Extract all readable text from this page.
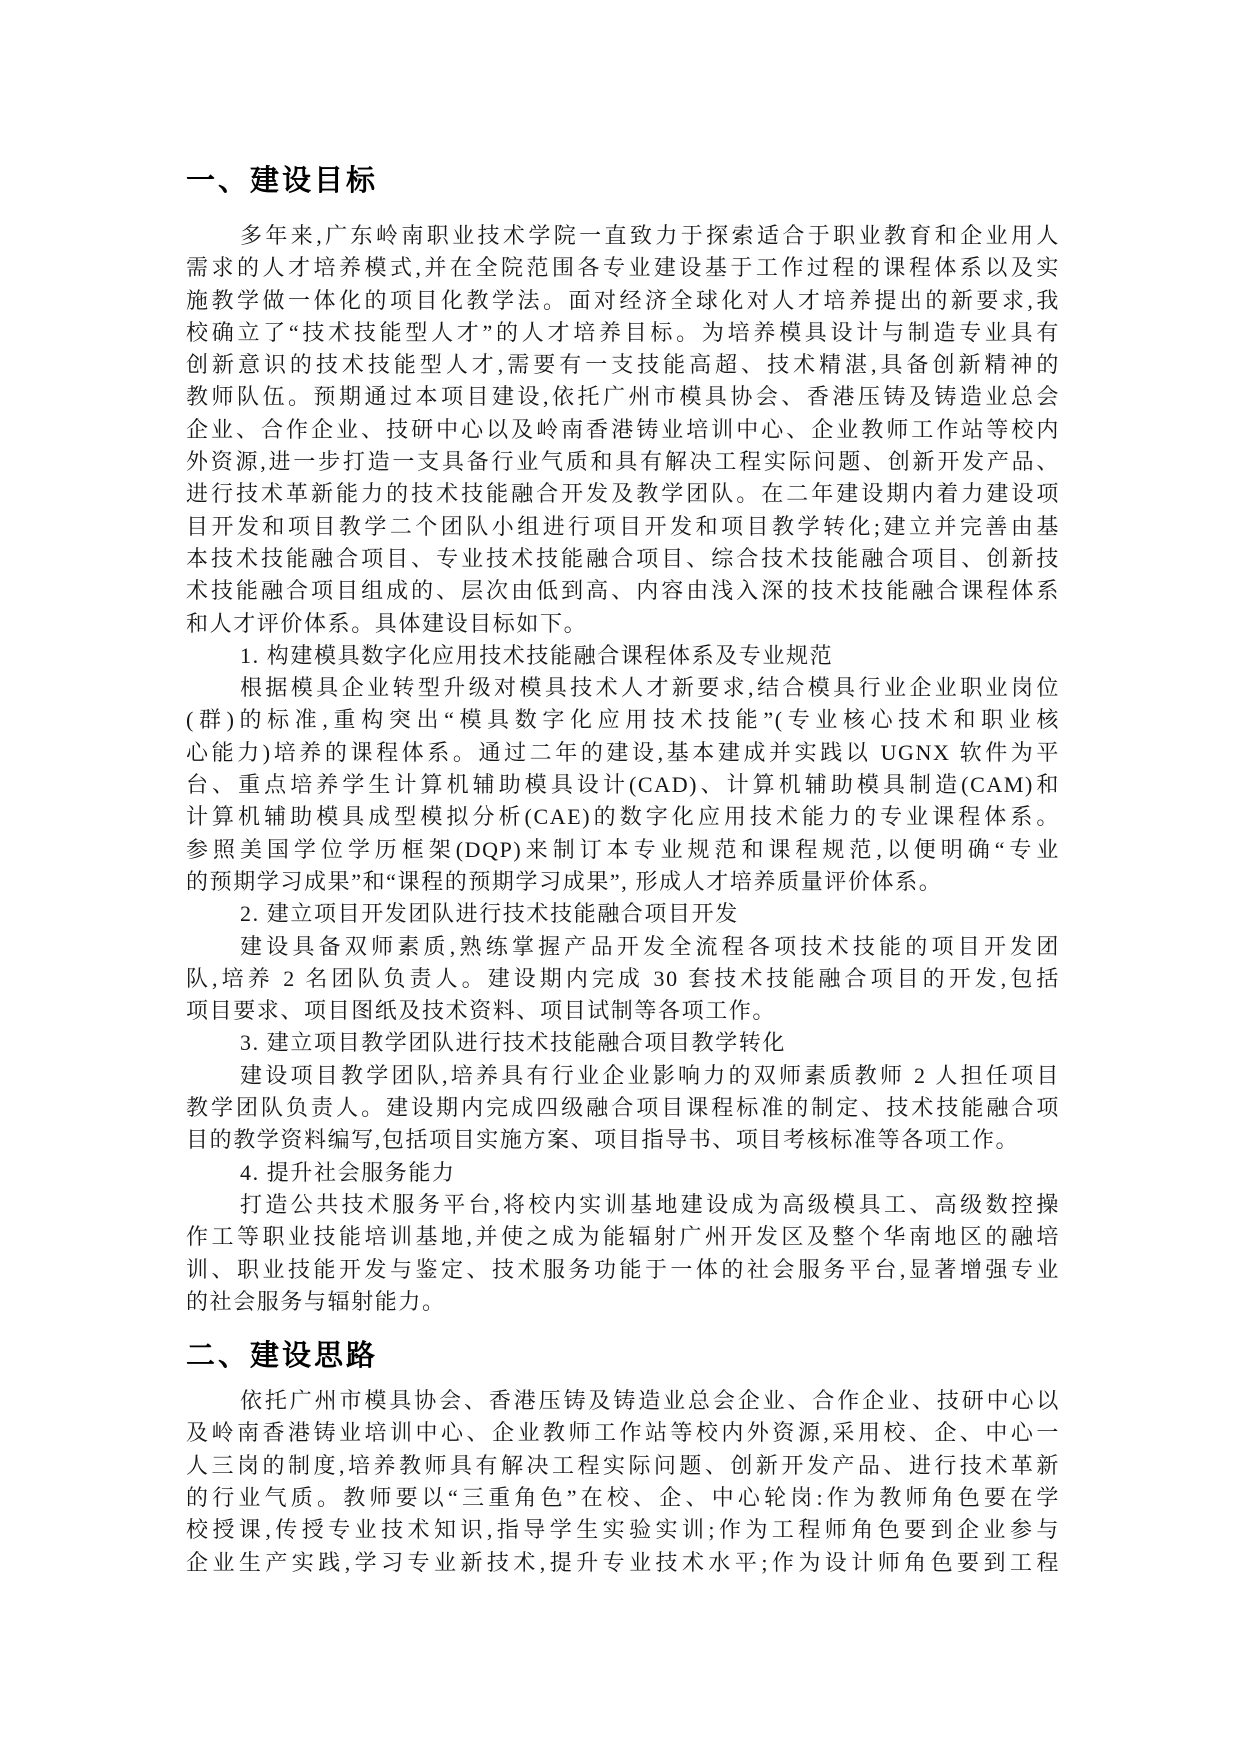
一、建设目标
多年来,广东岭南职业技术学院一直致力于探索适合于职业教育和企业用人
需求的人才培养模式,并在全院范围各专业建设基于工作过程的课程体系以及实
施教学做一体化的项目化教学法。面对经济全球化对人才培养提出的新要求,我
校确立了“技术技能型人才”的人才培养目标。为培养模具设计与制造专业具有
创新意识的技术技能型人才,需要有一支技能高超、技术精湛,具备创新精神的
教师队伍。预期通过本项目建设,依托广州市模具协会、香港压铸及铸造业总会
企业、合作企业、技研中心以及岭南香港铸业培训中心、企业教师工作站等校内
外资源,进一步打造一支具备行业气质和具有解决工程实际问题、创新开发产品、
进行技术革新能力的技术技能融合开发及教学团队。在二年建设期内着力建设项
目开发和项目教学二个团队小组进行项目开发和项目教学转化;建立并完善由基
本技术技能融合项目、专业技术技能融合项目、综合技术技能融合项目、创新技
术技能融合项目组成的、层次由低到高、内容由浅入深的技术技能融合课程体系
和人才评价体系。具体建设目标如下。
1. 构建模具数字化应用技术技能融合课程体系及专业规范
根据模具企业转型升级对模具技术人才新要求,结合模具行业企业职业岗位
(群)的标准,重构突出“模具数字化应用技术技能”(专业核心技术和职业核
心能力)培养的课程体系。通过二年的建设,基本建成并实践以 UGNX 软件为平
台、重点培养学生计算机辅助模具设计(CAD)、计算机辅助模具制造(CAM)和
计算机辅助模具成型模拟分析(CAE)的数字化应用技术能力的专业课程体系。
参照美国学位学历框架(DQP)来制订本专业规范和课程规范,以便明确“专业
的预期学习成果”和“课程的预期学习成果”, 形成人才培养质量评价体系。
2. 建立项目开发团队进行技术技能融合项目开发
建设具备双师素质,熟练掌握产品开发全流程各项技术技能的项目开发团
队,培养 2 名团队负责人。建设期内完成 30 套技术技能融合项目的开发,包括
项目要求、项目图纸及技术资料、项目试制等各项工作。
3. 建立项目教学团队进行技术技能融合项目教学转化
建设项目教学团队,培养具有行业企业影响力的双师素质教师 2 人担任项目
教学团队负责人。建设期内完成四级融合项目课程标准的制定、技术技能融合项
目的教学资料编写,包括项目实施方案、项目指导书、项目考核标准等各项工作。
4. 提升社会服务能力
打造公共技术服务平台,将校内实训基地建设成为高级模具工、高级数控操
作工等职业技能培训基地,并使之成为能辐射广州开发区及整个华南地区的融培
训、职业技能开发与鉴定、技术服务功能于一体的社会服务平台,显著增强专业
的社会服务与辐射能力。
二、建设思路
依托广州市模具协会、香港压铸及铸造业总会企业、合作企业、技研中心以
及岭南香港铸业培训中心、企业教师工作站等校内外资源,采用校、企、中心一
人三岗的制度,培养教师具有解决工程实际问题、创新开发产品、进行技术革新
的行业气质。教师要以“三重角色”在校、企、中心轮岗:作为教师角色要在学
校授课,传授专业技术知识,指导学生实验实训;作为工程师角色要到企业参与
企业生产实践,学习专业新技术,提升专业技术水平;作为设计师角色要到工程
